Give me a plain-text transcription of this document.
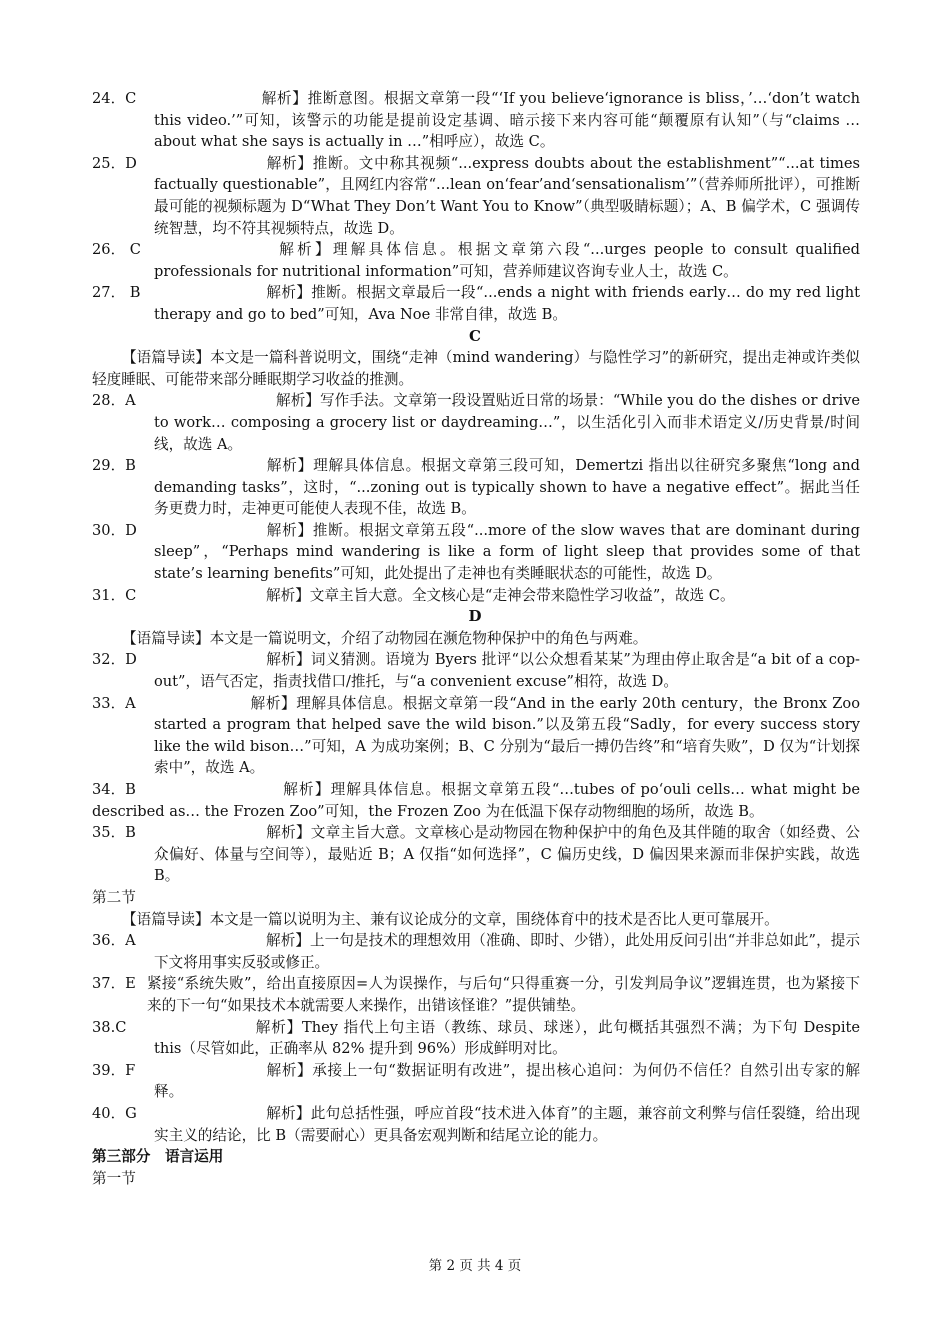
24．C	解析】推断意图。根据文章第一段“‘If you believe‘ignorance is bliss，’…‘don’t watch this video.’”可知，该警示的功能是提前设定基调、暗示接下来内容可能“颠覆原有认知”（与“claims … about what she says is actually in …”相呼应），故选 C。
25．D	解析】推断。文中称其视频“...express doubts about the establishment”“...at times factually questionable”，且网红内容常“...lean on‘fear’and‘sensationalism’”（营养师所批评），可推断最可能的视频标题为 D“What They Don’t Want You to Know”（典型吸睛标题）；A、B 偏学术，C 强调传统智慧，均不符其视频特点，故选 D。
26． C	解析】理解具体信息。根据文章第六段“...urges people to consult qualified professionals for nutritional information”可知，营养师建议咨询专业人士，故选 C。
27． B	解析】推断。根据文章最后一段“...ends a night with friends early… do my red light therapy and go to bed”可知，Ava Noe 非常自律，故选 B。
C
【语篇导读】本文是一篇科普说明文，围绕“走神（mind wandering）与隐性学习”的新研究，提出走神或许类似轻度睡眠、可能带来部分睡眠期学习收益的推测。
28．A	解析】写作手法。文章第一段设置贴近日常的场景：“While you do the dishes or drive to work… composing a grocery list or daydreaming…”，以生活化引入而非术语定义/历史背景/时间线，故选 A。
29．B	解析】理解具体信息。根据文章第三段可知，Demertzi 指出以往研究多聚焦“long and demanding tasks”，这时，“...zoning out is typically shown to have a negative effect”。据此当任务更费力时，走神更可能使人表现不佳，故选 B。
30．D	解析】推断。根据文章第五段“...more of the slow waves that are dominant during sleep”，“Perhaps mind wandering is like a form of light sleep that provides some of that state’s learning benefits”可知，此处提出了走神也有类睡眠状态的可能性，故选 D。
31．C	解析】文章主旨大意。全文核心是“走神会带来隐性学习收益”，故选 C。
D
【语篇导读】本文是一篇说明文，介绍了动物园在濒危物种保护中的角色与两难。
32．D	解析】词义猜测。语境为 Byers 批评“以公众想看某某”为理由停止取舍是“a bit of a cop-out”，语气否定，指责找借口/推托，与“a convenient excuse”相符，故选 D。
33．A	解析】理解具体信息。根据文章第一段“And in the early 20th century，the Bronx Zoo started a program that helped save the wild bison.”以及第五段“Sadly，for every success story like the wild bison…”可知，A 为成功案例；B、C 分别为“最后一搏仍告终”和“培育失败”，D 仅为“计划探索中”，故选 A。
34．B	解析】理解具体信息。根据文章第五段“…tubes of po‘ouli cells… what might be described as… the Frozen Zoo”可知，the Frozen Zoo 为在低温下保存动物细胞的场所，故选 B。
35．B	解析】文章主旨大意。文章核心是动物园在物种保护中的角色及其伴随的取舍（如经费、公众偏好、体量与空间等），最贴近 B；A 仅指“如何选择”，C 偏历史线，D 偏因果来源而非保护实践，故选 B。
第二节
【语篇导读】本文是一篇以说明为主、兼有议论成分的文章，围绕体育中的技术是否比人更可靠展开。
36．A	解析】上一句是技术的理想效用（准确、即时、少错），此处用反问引出“并非总如此”，提示下文将用事实反驳或修正。
37．E 紧接“系统失败”，给出直接原因=人为误操作，与后句“只得重赛一分，引发判局争议”逻辑连贯，也为紧接下来的下一句“如果技术本就需要人来操作，出错该怪谁？”提供铺垫。
38.C	解析】They 指代上句主语（教练、球员、球迷），此句概括其强烈不满；为下句 Despite this（尽管如此，正确率从 82% 提升到 96%）形成鲜明对比。
39．F	解析】承接上一句“数据证明有改进”，提出核心追问：为何仍不信任？自然引出专家的解释。
40．G	解析】此句总括性强，呼应首段“技术进入体育”的主题，兼容前文利弊与信任裂缝，给出现实主义的结论，比 B（需要耐心）更具备宏观判断和结尾立论的能力。
第三部分　语言运用
第一节
第 2 页 共 4 页
